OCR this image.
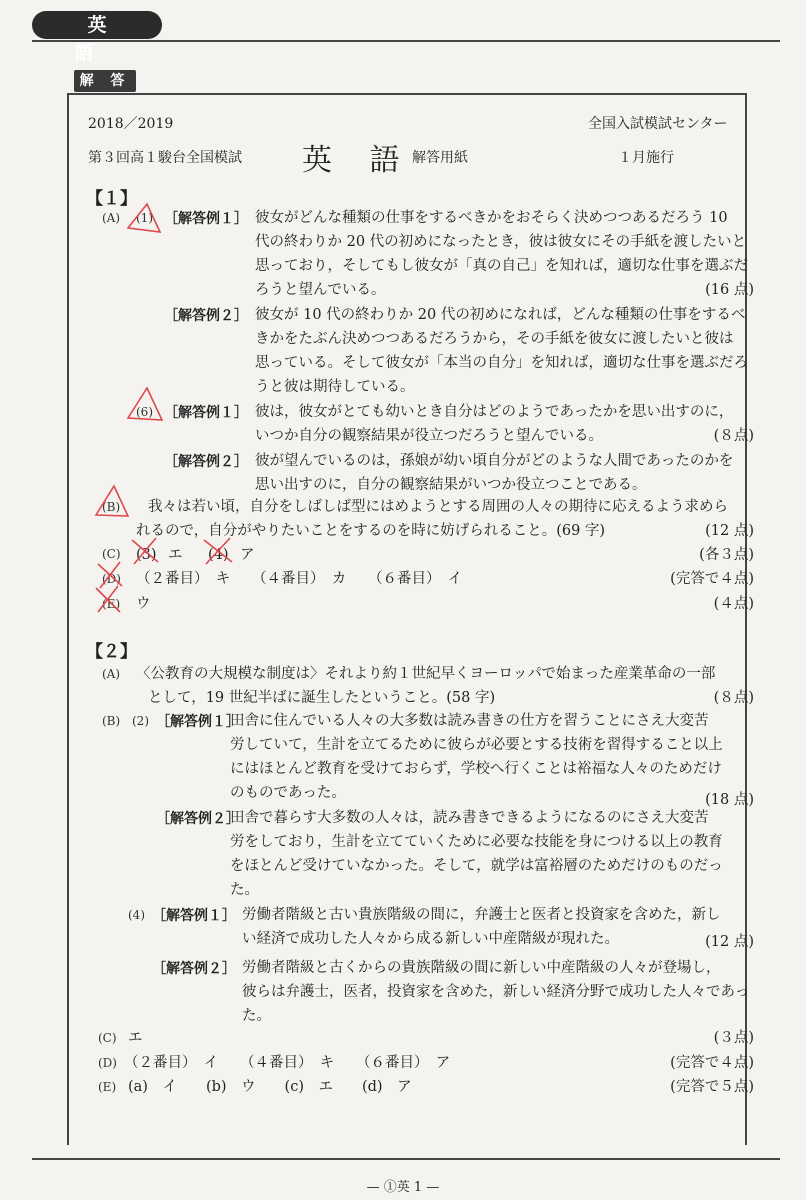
英 語
解 答
2018／2019	全国入試模試センター
第３回高１駿台全国模試 英 語
解答用紙	１月施行
【１】
(A) (1) ［解答例１］ 彼女がどんな種類の仕事をするべきかをおそらく決めつつあるだろう 10
代の終わりか 20 代の初めになったとき，彼は彼女にその手紙を渡したいと
思っており，そしてもし彼女が「真の自己」を知れば，適切な仕事を選ぶだ
ろうと望んでいる。	(16 点)
［解答例２］ 彼女が 10 代の終わりか 20 代の初めになれば，どんな種類の仕事をするべ
きかをたぶん決めつつあるだろうから，その手紙を彼女に渡したいと彼は
思っている。そして彼女が「本当の自分」を知れば，適切な仕事を選ぶだろ
うと彼は期待している。
(6) ［解答例１］ 彼は，彼女がとても幼いとき自分はどのようであったかを思い出すのに，
いつか自分の観察結果が役立つだろうと望んでいる。	(８点)
［解答例２］ 彼が望んでいるのは，孫娘が幼い頃自分がどのような人間であったのかを
思い出すのに，自分の観察結果がいつか役立つことである。
(B)	我々は若い頃，自分をしばしば型にはめようとする周囲の人々の期待に応えるよう求めら
れるので，自分がやりたいことをするのを時に妨げられること。(69 字)	(12 点)
(C) (3) エ (4) ア	(各３点)
(D) （２番目）　キ　　（４番目）　カ　　（６番目）　イ	(完答で４点)
(E) ウ	(４点)
【２】
(A) 〈公教育の大規模な制度は〉それより約１世紀早くヨーロッパで始まった産業革命の一部
として，19 世紀半ばに誕生したということ。(58 字)	(８点)
(B) (2) ［解答例１］
田舎に住んでいる人々の大多数は読み書きの仕方を習うことにさえ大変苦
労していて，生計を立てるために彼らが必要とする技術を習得すること以上
にはほとんど教育を受けておらず，学校へ行くことは裕福な人々のためだけ
のものであった。	(18 点)
［解答例２］
田舎で暮らす大多数の人々は，読み書きできるようになるのにさえ大変苦
労をしており，生計を立てていくために必要な技能を身につける以上の教育
をほとんど受けていなかった。そして，就学は富裕層のためだけのものだっ
た。
(4) ［解答例１］ 労働者階級と古い貴族階級の間に，弁護士と医者と投資家を含めた，新し
い経済で成功した人々から成る新しい中産階級が現れた。	(12 点)
［解答例２］ 労働者階級と古くからの貴族階級の間に新しい中産階級の人々が登場し，
彼らは弁護士，医者，投資家を含めた，新しい経済分野で成功した人々であっ
た。
(C) エ	(３点)
(D) （２番目）　イ　　（４番目）　キ　　（６番目）　ア	(完答で４点)
(E) (a)　イ　　(b)　ウ　　(c)　エ　　(d)　ア	(完答で５点)
— ①英 1 —
